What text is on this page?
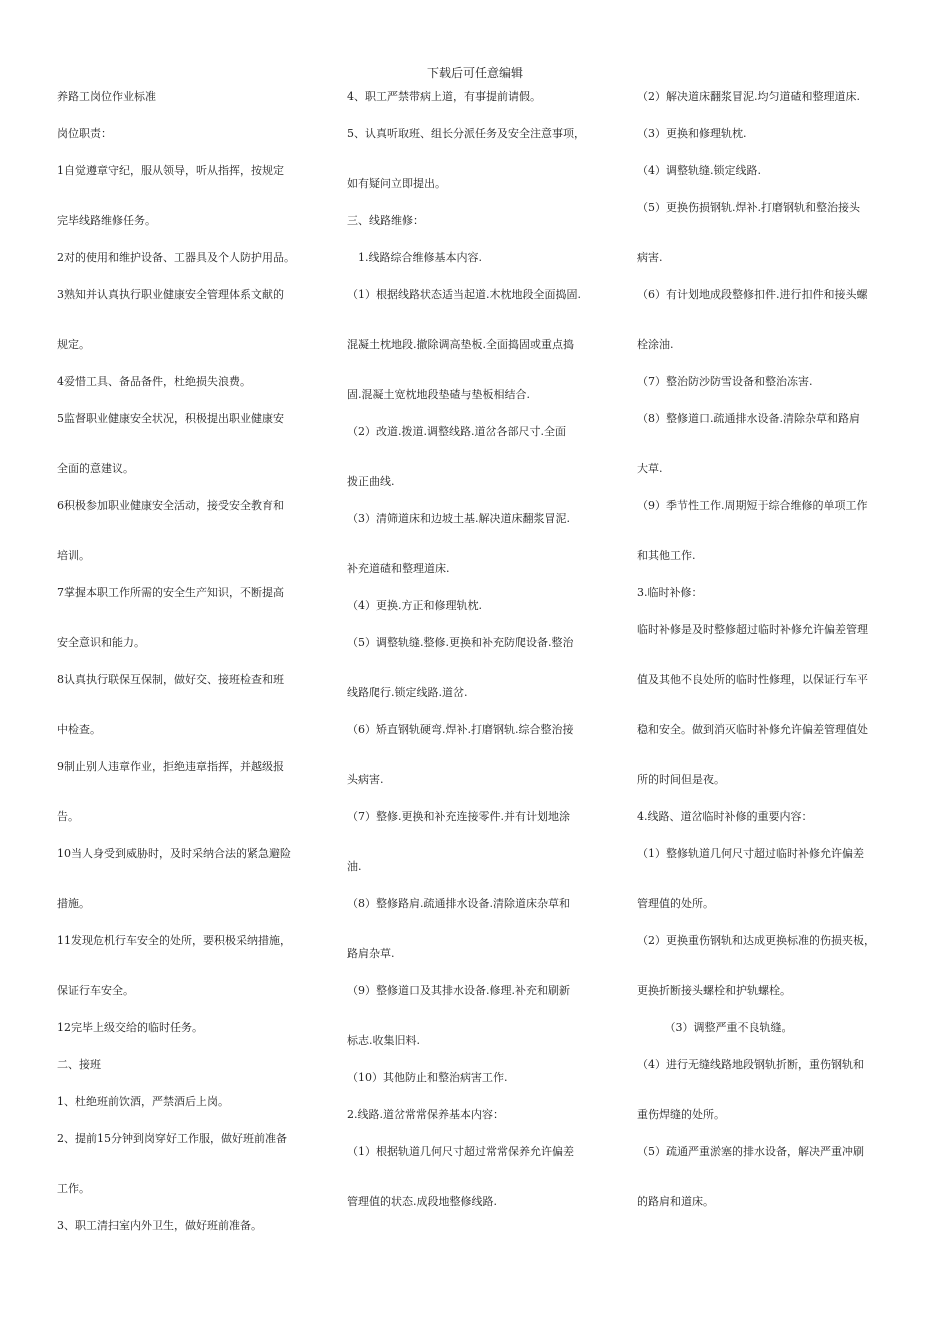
下载后可任意编辑
养路工岗位作业标准
岗位职责：
1自觉遵章守纪，服从领导，听从指挥，按规定
完毕线路维修任务。
2对的使用和维护设备、工器具及个人防护用品。
3熟知并认真执行职业健康安全管理体系文献的
规定。
4爱惜工具、备品备件，杜绝损失浪费。
5监督职业健康安全状况，积极提出职业健康安
全面的意建议。
6积极参加职业健康安全活动，接受安全教育和
培训。
7掌握本职工作所需的安全生产知识，不断提高
安全意识和能力。
8认真执行联保互保制，做好交、接班检查和班
中检查。
9制止别人违章作业，拒绝违章指挥，并越级报
告。
10当人身受到威胁时，及时采纳合法的紧急避险
措施。
11发现危机行车安全的处所，要积极采纳措施，
保证行车安全。
12完毕上级交给的临时任务。
二、接班
1、杜绝班前饮酒，严禁酒后上岗。
2、提前15分钟到岗穿好工作服，做好班前准备
工作。
3、职工清扫室内外卫生，做好班前准备。
4、职工严禁带病上道，有事提前请假。
5、认真听取班、组长分派任务及安全注意事项，
如有疑问立即提出。
三、线路维修：
　1.线路综合维修基本内容.
（1）根据线路状态适当起道.木枕地段全面捣固.
混凝土枕地段.撤除调高垫板.全面捣固或重点捣
固.混凝土宽枕地段垫碴与垫板相结合.
（2）改道.拨道.调整线路.道岔各部尺寸.全面
拨正曲线.
（3）清筛道床和边坡土基.解决道床翻浆冒泥.
补充道碴和整理道床.
（4）更换.方正和修理轨枕.
（5）调整轨缝.整修.更换和补充防爬设备.整治
线路爬行.锁定线路.道岔.
（6）矫直钢轨硬弯.焊补.打磨钢轨.综合整治接
头病害.
（7）整修.更换和补充连接零件.并有计划地涂
油.
（8）整修路肩.疏通排水设备.清除道床杂草和
路肩杂草.
（9）整修道口及其排水设备.修理.补充和刷新
标志.收集旧料.
（10）其他防止和整治病害工作.
2.线路.道岔常常保养基本内容：
（1）根据轨道几何尺寸超过常常保养允许偏差
管理值的状态.成段地整修线路.
（2）解决道床翻浆冒泥.均匀道碴和整理道床.
（3）更换和修理轨枕.
（4）调整轨缝.锁定线路.
（5）更换伤损钢轨.焊补.打磨钢轨和整治接头
病害.
（6）有计划地成段整修扣件.进行扣件和接头螺
栓涂油.
（7）整治防沙防雪设备和整治冻害.
（8）整修道口.疏通排水设备.清除杂草和路肩
大草.
（9）季节性工作.周期短于综合维修的单项工作
和其他工作.
3.临时补修：
临时补修是及时整修超过临时补修允许偏差管理
值及其他不良处所的临时性修理，以保证行车平
稳和安全。做到消灭临时补修允许偏差管理值处
所的时间但是夜。
4.线路、道岔临时补修的重要内容：
（1）整修轨道几何尺寸超过临时补修允许偏差
管理值的处所。
（2）更换重伤钢轨和达成更换标准的伤损夹板，
更换折断接头螺栓和护轨螺栓。
　　　（3）调整严重不良轨缝。
（4）进行无缝线路地段钢轨折断，重伤钢轨和
重伤焊缝的处所。
（5）疏通严重淤塞的排水设备，解决严重冲刷
的路肩和道床。
